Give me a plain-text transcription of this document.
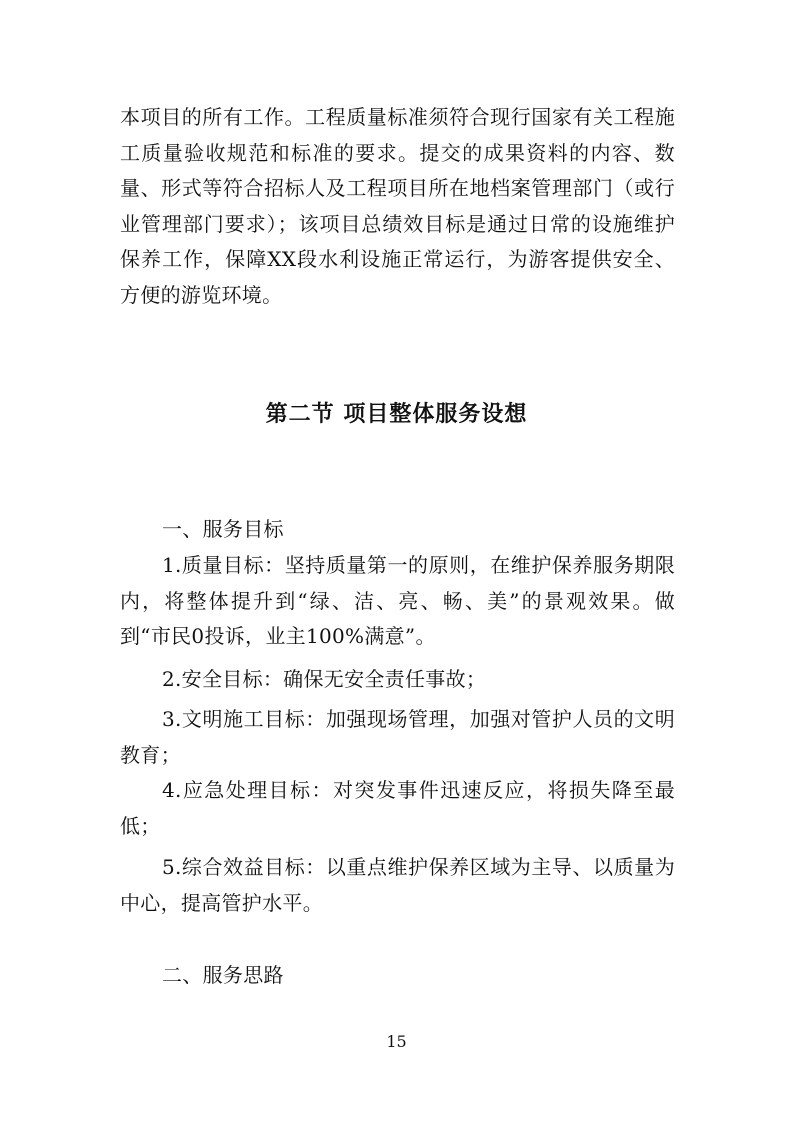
本项目的所有工作。工程质量标准须符合现行国家有关工程施工质量验收规范和标准的要求。提交的成果资料的内容、数量、形式等符合招标人及工程项目所在地档案管理部门（或行业管理部门要求）；该项目总绩效目标是通过日常的设施维护保养工作，保障XX段水利设施正常运行，为游客提供安全、方便的游览环境。

第二节 项目整体服务设想

一、服务目标

1.质量目标：坚持质量第一的原则，在维护保养服务期限内，将整体提升到“绿、洁、亮、畅、美”的景观效果。做到“市民0投诉，业主100%满意”。

2.安全目标：确保无安全责任事故；

3.文明施工目标：加强现场管理，加强对管护人员的文明教育；

4.应急处理目标：对突发事件迅速反应，将损失降至最低；

5.综合效益目标：以重点维护保养区域为主导、以质量为中心，提高管护水平。

二、服务思路

15
